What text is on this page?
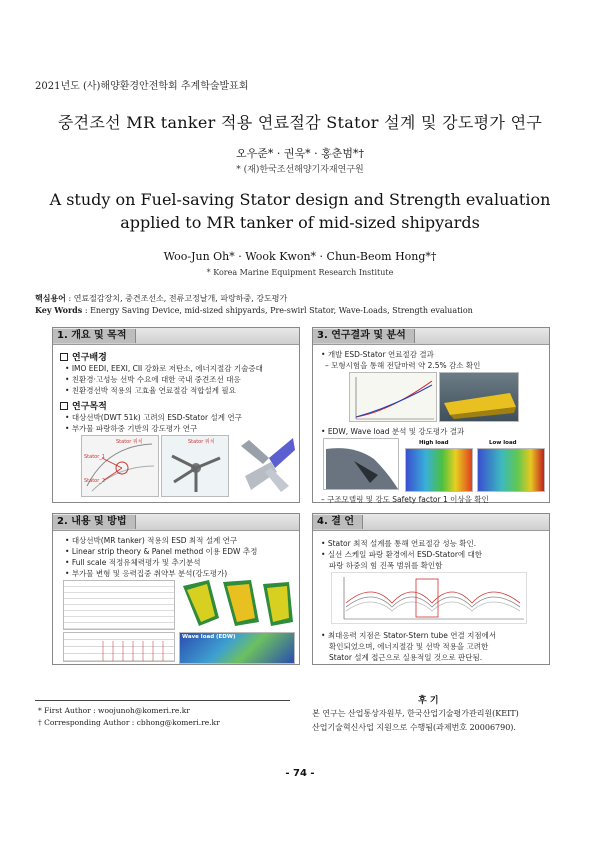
2021년도 (사)해양환경안전학회 추계학술발표회
중견조선 MR tanker 적용 연료절감 Stator 설계 및 강도평가 연구
오우준* · 권욱* · 홍춘범*†
* (재)한국조선해양기자재연구원
A study on Fuel-saving Stator design and Strength evaluation
applied to MR tanker of mid-sized shipyards
Woo-Jun Oh* · Wook Kwon* · Chun-Beom Hong*†
* Korea Marine Equipment Research Institute
핵심용어 : 연료절감장치, 중견조선소, 전류고정날개, 파랑하중, 강도평가
Key Words : Energy Saving Device, mid-sized shipyards, Pre-swirl Stator, Wave-Loads, Strength evaluation
1. 개요 및 목적
연구배경
• IMO EEDI, EEXI, CII 강화로 저탄소, 에너지절감 기술증대
• 친환경·고성능 선박 수요에 대한 국내 중견조선 대응
• 친환경선박 적용의 고효율 연료절감 적합설계 필요
연구목적
• 대상선박(DWT 51k) 고려의 ESD-Stator 설계 연구
• 부가물 파랑하중 기반의 강도평가 연구
Stator 위치
Stator_1
Stator_2
Stator 위치
2. 내용 및 방법
• 대상선박(MR tanker) 적용의 ESD 최적 설계 연구
• Linear strip theory & Panel method 이용 EDW 추정
• Full scale 적정유체력평가 및 추기분석
• 부가물 변형 및 응력집중 취약부 분석(강도평가)
Wave load (EDW)
3. 연구결과 및 분석
• 개발 ESD-Stator 연료절감 결과
– 모형시험을 통해 전달마력 약 2.5% 감소 확인
• EDW, Wave load 분석 및 강도평가 결과
High load	Low load
– 구조모델링 및 강도 Safety factor 1 이상을 확인
4. 결 언
• Stator 최적 설계를 통해 연료절감 성능 확인.
• 실선 스케일 파랑 환경에서 ESD-Stator에 대한
파랑 하중의 힘 진폭 범위를 확인함
• 최대응력 지점은 Stator-Stern tube 연결 지점에서
확인되었으며, 에너지절감 및 선박 적용을 고려한
Stator 설계 접근으로 실용적일 것으로 판단됨.
* First Author : woojunoh@komeri.re.kr
† Corresponding Author : cbhong@komeri.re.kr
후 기
본 연구는 산업통상자원부, 한국산업기술평가관리원(KEIT)
산업기술혁신사업 지원으로 수행됨(과제번호 20006790).
- 74 -
